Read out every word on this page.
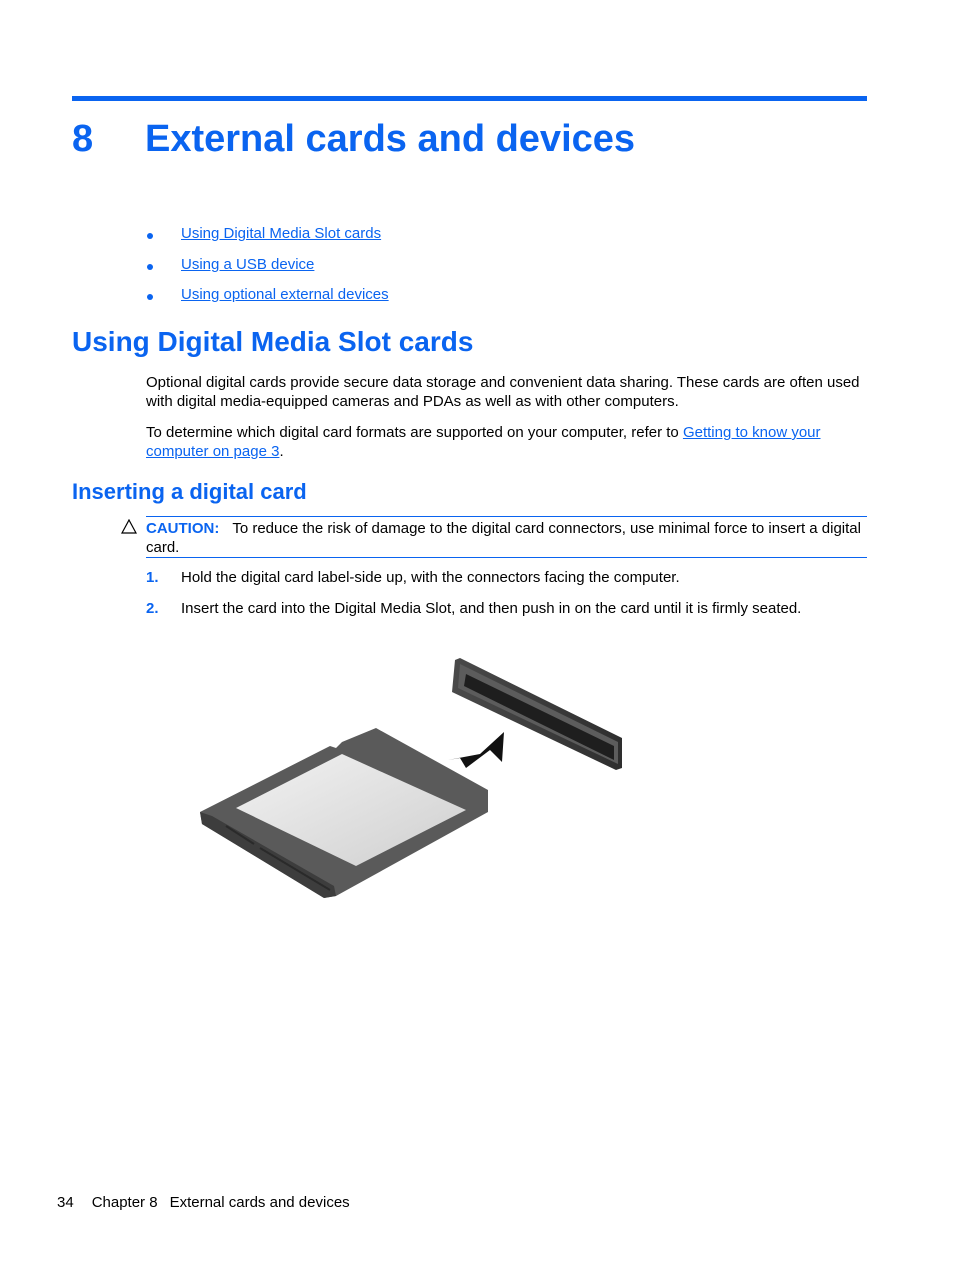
8 External cards and devices
Using Digital Media Slot cards
Using a USB device
Using optional external devices
Using Digital Media Slot cards

Optional digital cards provide secure data storage and convenient data sharing. These cards are often used with digital media-equipped cameras and PDAs as well as with other computers.

To determine which digital card formats are supported on your computer, refer to Getting to know your computer on page 3.

Inserting a digital card

CAUTION: To reduce the risk of damage to the digital card connectors, use minimal force to insert a digital card.

1. Hold the digital card label-side up, with the connectors facing the computer.
2. Insert the card into the Digital Media Slot, and then push in on the card until it is firmly seated.
34 Chapter 8 External cards and devices
